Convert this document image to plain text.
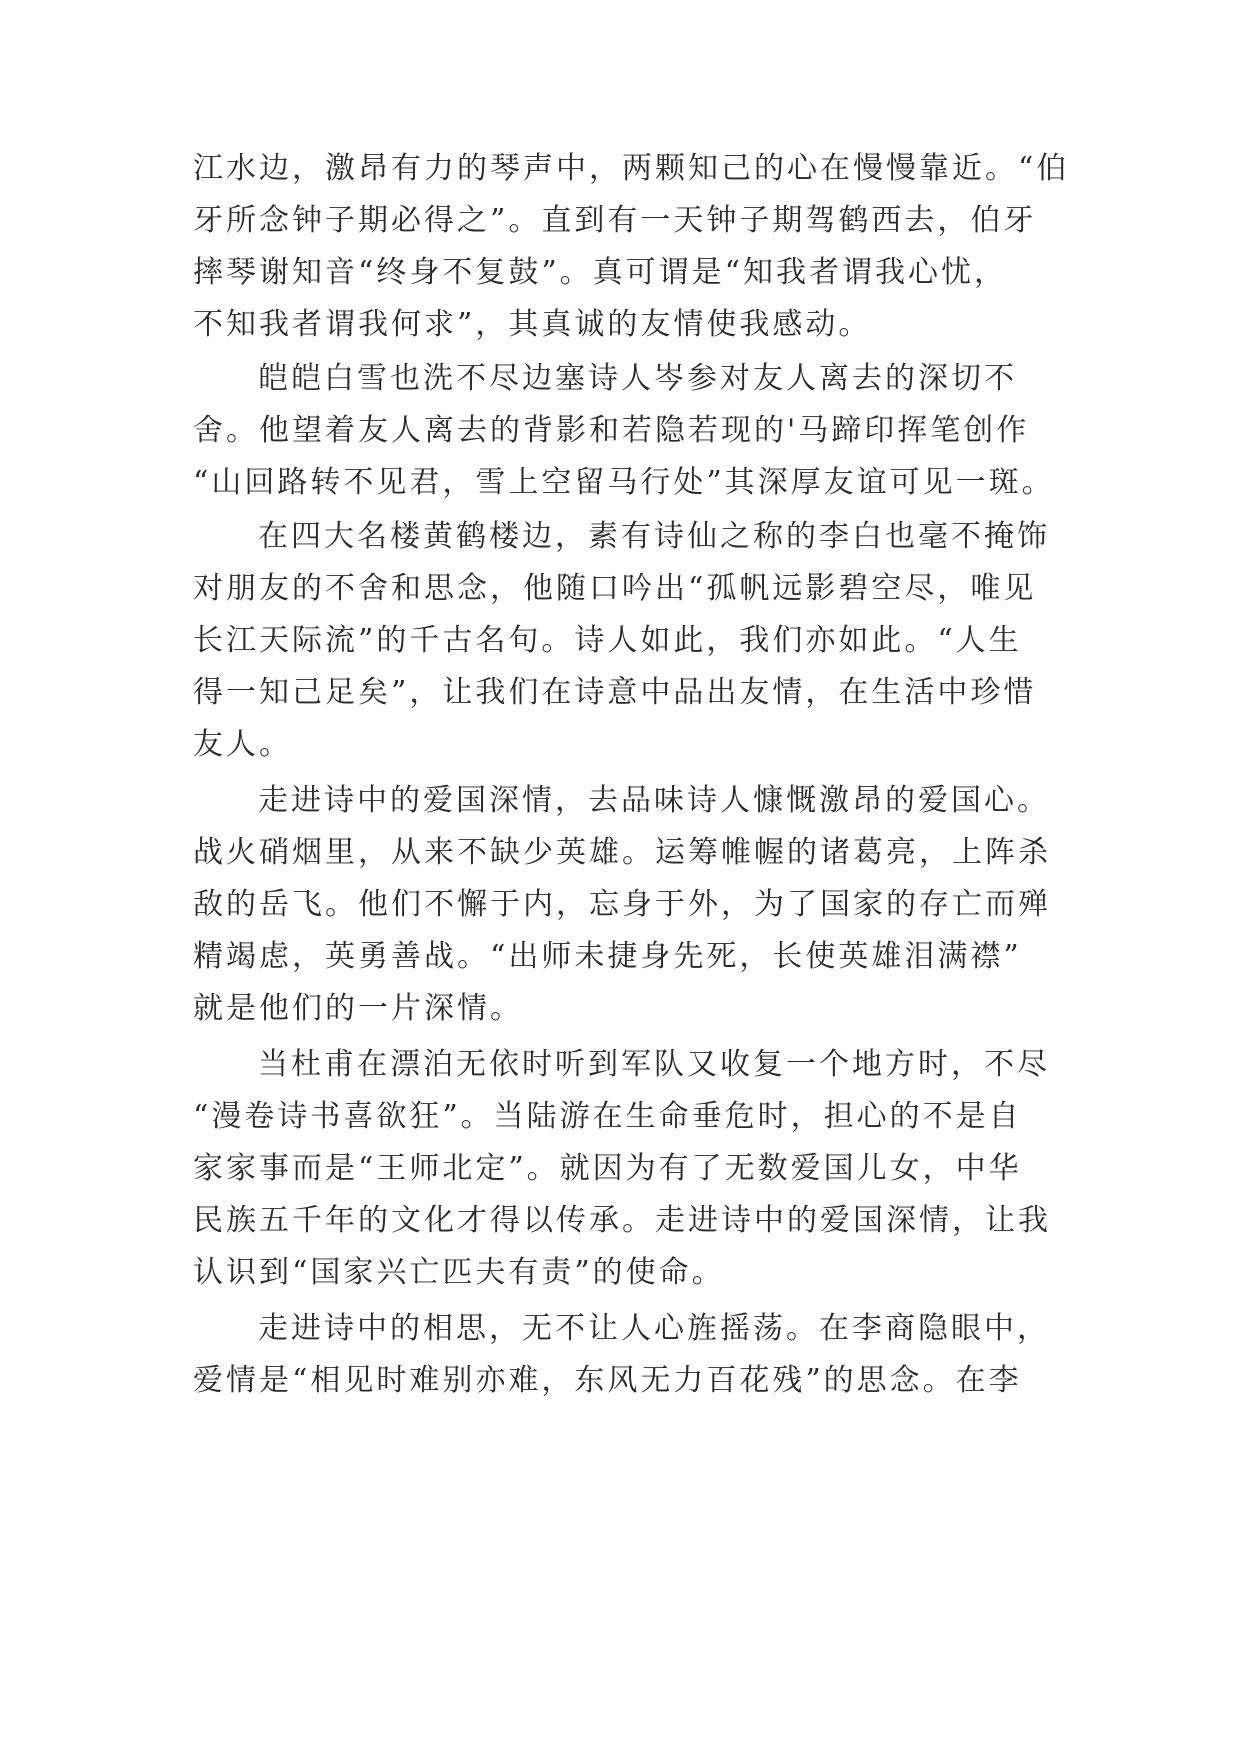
江水边，激昂有力的琴声中，两颗知己的心在慢慢靠近。“伯
牙所念钟子期必得之”。直到有一天钟子期驾鹤西去，伯牙
摔琴谢知音“终身不复鼓”。真可谓是“知我者谓我心忧，
不知我者谓我何求”，其真诚的友情使我感动。
皑皑白雪也洗不尽边塞诗人岑参对友人离去的深切不
舍。他望着友人离去的背影和若隐若现的'马蹄印挥笔创作
“山回路转不见君，雪上空留马行处”其深厚友谊可见一斑。
在四大名楼黄鹤楼边，素有诗仙之称的李白也毫不掩饰
对朋友的不舍和思念，他随口吟出“孤帆远影碧空尽，唯见
长江天际流”的千古名句。诗人如此，我们亦如此。“人生
得一知己足矣”，让我们在诗意中品出友情，在生活中珍惜
友人。
走进诗中的爱国深情，去品味诗人慷慨激昂的爱国心。
战火硝烟里，从来不缺少英雄。运筹帷幄的诸葛亮，上阵杀
敌的岳飞。他们不懈于内，忘身于外，为了国家的存亡而殚
精竭虑，英勇善战。“出师未捷身先死，长使英雄泪满襟”
就是他们的一片深情。
当杜甫在漂泊无依时听到军队又收复一个地方时，不尽
“漫卷诗书喜欲狂”。当陆游在生命垂危时，担心的不是自
家家事而是“王师北定”。就因为有了无数爱国儿女，中华
民族五千年的文化才得以传承。走进诗中的爱国深情，让我
认识到“国家兴亡匹夫有责”的使命。
走进诗中的相思，无不让人心旌摇荡。在李商隐眼中，
爱情是“相见时难别亦难，东风无力百花残”的思念。在李
